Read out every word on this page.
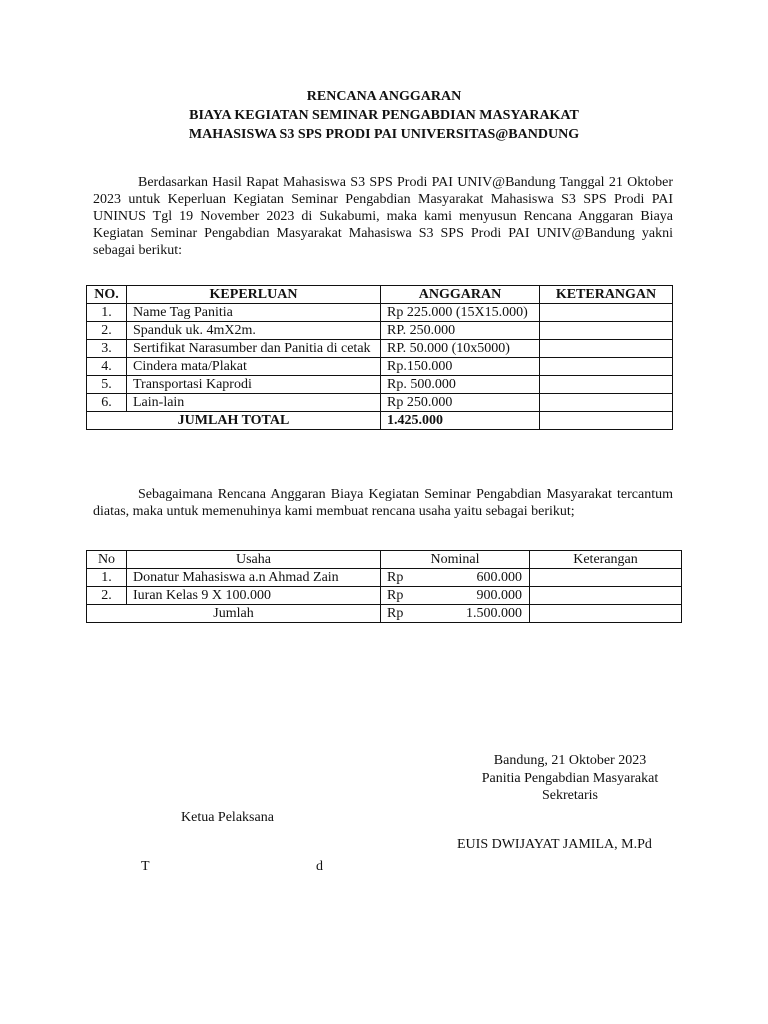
RENCANA ANGGARAN
BIAYA KEGIATAN SEMINAR PENGABDIAN MASYARAKAT
MAHASISWA S3 SPS PRODI PAI UNIVERSITAS@BANDUNG

Berdasarkan Hasil Rapat Mahasiswa S3 SPS Prodi PAI UNIV@Bandung Tanggal 21 Oktober 2023 untuk Keperluan Kegiatan Seminar Pengabdian Masyarakat Mahasiswa S3 SPS Prodi PAI UNINUS Tgl 19 November 2023 di Sukabumi, maka kami menyusun Rencana Anggaran Biaya Kegiatan Seminar Pengabdian Masyarakat Mahasiswa S3 SPS Prodi PAI UNIV@Bandung yakni sebagai berikut:

NO.	KEPERLUAN	ANGGARAN	KETERANGAN
1.	Name Tag Panitia	Rp 225.000 (15X15.000)	
2.	Spanduk uk. 4mX2m.	RP. 250.000	
3.	Sertifikat Narasumber dan Panitia di cetak	RP. 50.000 (10x5000)	
4.	Cindera mata/Plakat	Rp.150.000	
5.	Transportasi Kaprodi	Rp. 500.000	
6.	Lain-lain	Rp 250.000	
JUMLAH TOTAL		1.425.000	

Sebagaimana Rencana Anggaran Biaya Kegiatan Seminar Pengabdian Masyarakat tercantum diatas, maka untuk memenuhinya kami membuat rencana usaha yaitu sebagai berikut;

No	Usaha	Nominal	Keterangan
1.	Donatur Mahasiswa a.n Ahmad Zain	Rp 600.000	
2.	Iuran Kelas 9 X 100.000	Rp 900.000	
Jumlah		Rp 1.500.000	
Bandung, 21 Oktober 2023
Panitia Pengabdian Masyarakat
Sekretaris
Ketua Pelaksana
EUIS DWIJAYAT JAMILA, M.Pd
T	d
